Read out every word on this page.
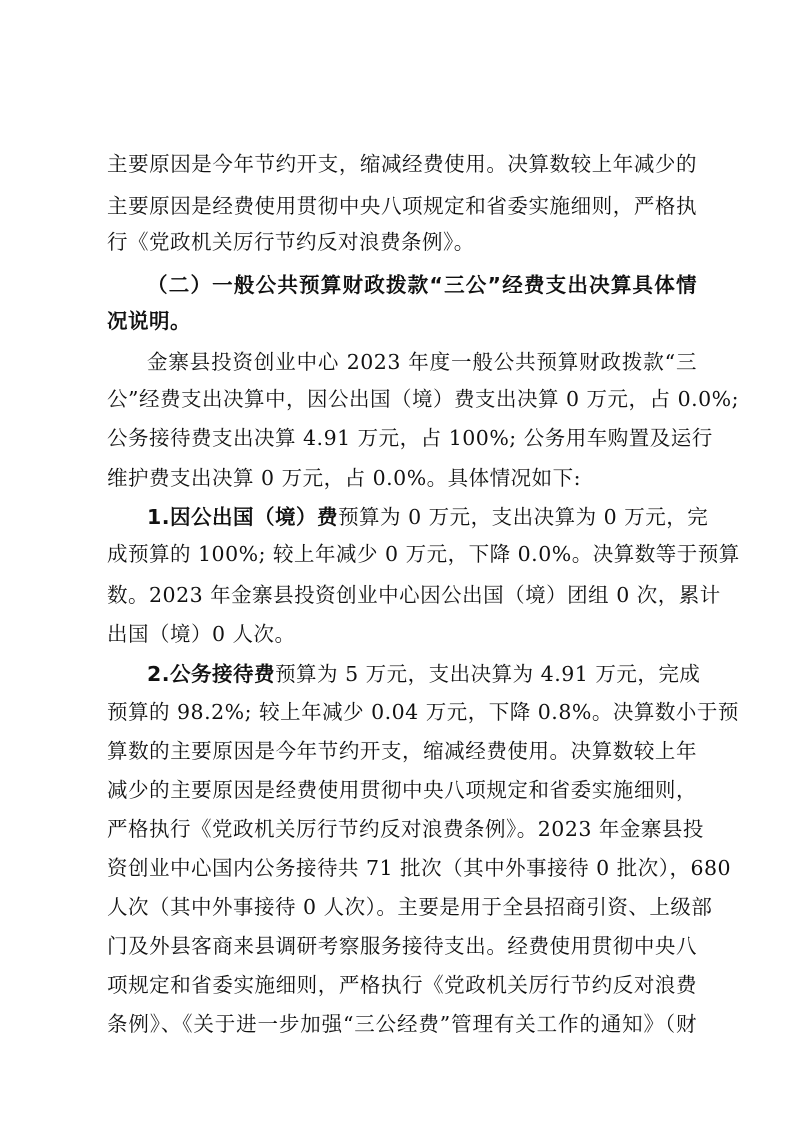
主要原因是今年节约开支，缩减经费使用。决算数较上年减少的
主要原因是经费使用贯彻中央八项规定和省委实施细则，严格执
行《党政机关厉行节约反对浪费条例》。
（二）一般公共预算财政拨款“三公”经费支出决算具体情
况说明。
金寨县投资创业中心 2023 年度一般公共预算财政拨款“三
公”经费支出决算中，因公出国（境）费支出决算 0 万元，占 0.0%;
公务接待费支出决算 4.91 万元，占 100%; 公务用车购置及运行
维护费支出决算 0 万元，占 0.0%。具体情况如下:
1.因公出国（境）费 预算为 0 万元，支出决算为 0 万元，完
成预算的 100%; 较上年减少 0 万元，下降 0.0%。决算数等于预算
数。2023 年金寨县投资创业中心因公出国（境）团组 0 次，累计
出国（境）0 人次。
2.公务接待费 预算为 5 万元，支出决算为 4.91 万元，完成
预算的 98.2%; 较上年减少 0.04 万元，下降 0.8%。决算数小于预
算数的主要原因是今年节约开支，缩减经费使用。决算数较上年
减少的主要原因是经费使用贯彻中央八项规定和省委实施细则，
严格执行《党政机关厉行节约反对浪费条例》。2023 年金寨县投
资创业中心国内公务接待共 71 批次（其中外事接待 0 批次），680
人次（其中外事接待 0 人次）。主要是用于全县招商引资、上级部
门及外县客商来县调研考察服务接待支出。经费使用贯彻中央八
项规定和省委实施细则，严格执行《党政机关厉行节约反对浪费
条例》、《关于进一步加强“三公经费”管理有关工作的通知》（财
